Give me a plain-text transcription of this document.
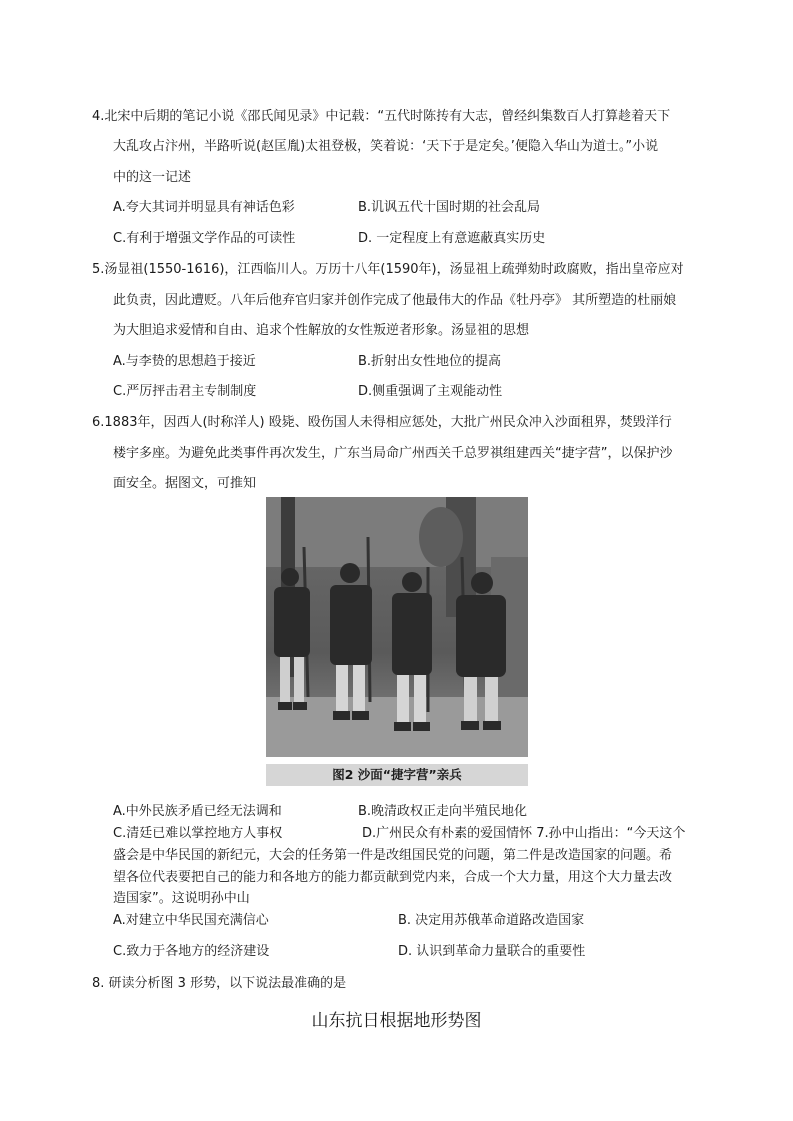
4.北宋中后期的笔记小说《邵氏闻见录》中记载：“五代时陈抟有大志，曾经纠集数百人打算趁着天下
大乱攻占汴州，半路听说(赵匡胤)太祖登极，笑着说：‘天下于是定矣。’便隐入华山为道士。”小说
中的这一记述
A.夸大其词并明显具有神话色彩	B.讥讽五代十国时期的社会乱局
C.有利于增强文学作品的可读性	D. 一定程度上有意遮蔽真实历史
5.汤显祖(1550-1616)，江西临川人。万历十八年(1590年)，汤显祖上疏弹劾时政腐败，指出皇帝应对
此负责，因此遭贬。八年后他弃官归家并创作完成了他最伟大的作品《牡丹亭》 其所塑造的杜丽娘
为大胆追求爱情和自由、追求个性解放的女性叛逆者形象。汤显祖的思想
A.与李贽的思想趋于接近	B.折射出女性地位的提高
C.严厉抨击君主专制制度	D.侧重强调了主观能动性
6.1883年，因西人(时称洋人) 殴毙、殴伤国人未得相应惩处，大批广州民众冲入沙面租界，焚毁洋行
楼宇多座。为避免此类事件再次发生，广东当局命广州西关千总罗祺组建西关“捷字营”，以保护沙
面安全。据图文，可推知
图2 沙面“捷字营”亲兵
A.中外民族矛盾已经无法调和	B.晚清政权正走向半殖民地化
C.清廷已难以掌控地方人事权	D.广州民众有朴素的爱国情怀 7.孙中山指出：“今天这个
盛会是中华民国的新纪元，大会的任务第一件是改组国民党的问题，第二件是改造国家的问题。希
望各位代表要把自己的能力和各地方的能力都贡献到党内来，合成一个大力量，用这个大力量去改
造国家”。这说明孙中山
A.对建立中华民国充满信心	B. 决定用苏俄革命道路改造国家
C.致力于各地方的经济建设	D. 认识到革命力量联合的重要性
8. 研读分析图 3 形势，以下说法最准确的是
山东抗日根据地形势图
